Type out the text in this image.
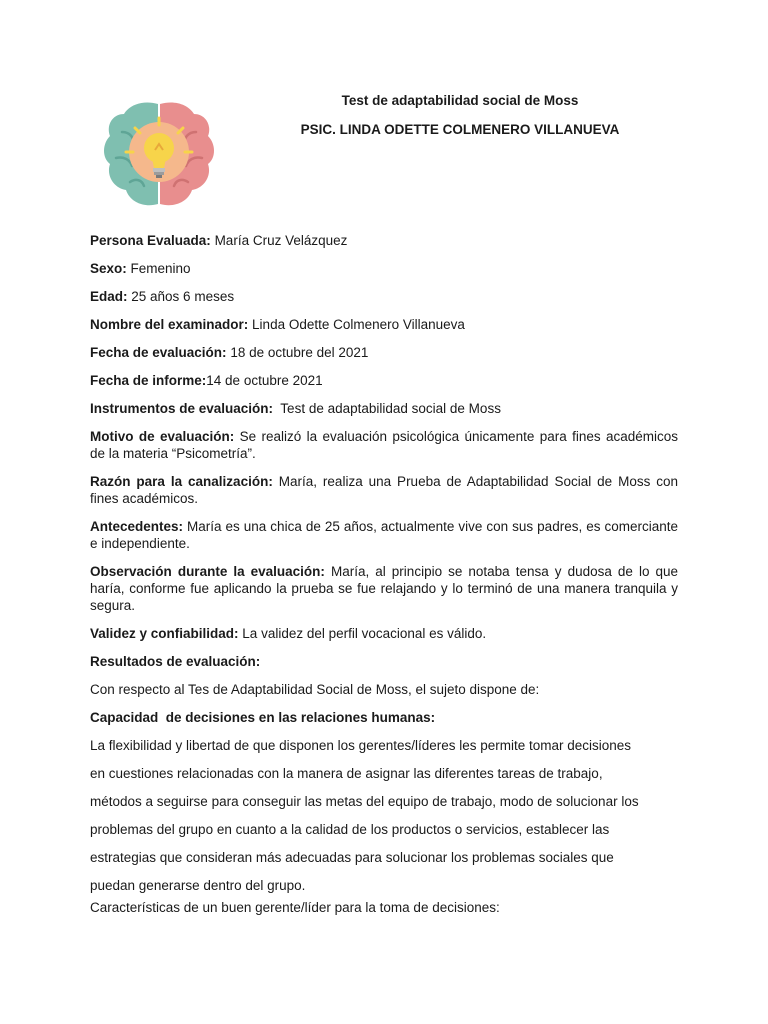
Test de adaptabilidad social de Moss
PSIC. LINDA ODETTE COLMENERO VILLANUEVA
Persona Evaluada: María Cruz Velázquez
Sexo: Femenino
Edad: 25 años 6 meses
Nombre del examinador: Linda Odette Colmenero Villanueva
Fecha de evaluación: 18 de octubre del 2021
Fecha de informe:14 de octubre 2021
Instrumentos de evaluación:  Test de adaptabilidad social de Moss
Motivo de evaluación: Se realizó la evaluación psicológica únicamente para fines académicos de la materia “Psicometría”.
Razón para la canalización: María, realiza una Prueba de Adaptabilidad Social de Moss con fines académicos.
Antecedentes: María es una chica de 25 años, actualmente vive con sus padres, es comerciante e independiente.
Observación durante la evaluación: María, al principio se notaba tensa y dudosa de lo que haría, conforme fue aplicando la prueba se fue relajando y lo terminó de una manera tranquila y segura.
Validez y confiabilidad: La validez del perfil vocacional es válido.
Resultados de evaluación:
Con respecto al Tes de Adaptabilidad Social de Moss, el sujeto dispone de:
Capacidad  de decisiones en las relaciones humanas:
La flexibilidad y libertad de que disponen los gerentes/líderes les permite tomar decisiones
en cuestiones relacionadas con la manera de asignar las diferentes tareas de trabajo,
métodos a seguirse para conseguir las metas del equipo de trabajo, modo de solucionar los
problemas del grupo en cuanto a la calidad de los productos o servicios, establecer las
estrategias que consideran más adecuadas para solucionar los problemas sociales que
puedan generarse dentro del grupo.
Características de un buen gerente/líder para la toma de decisiones:
